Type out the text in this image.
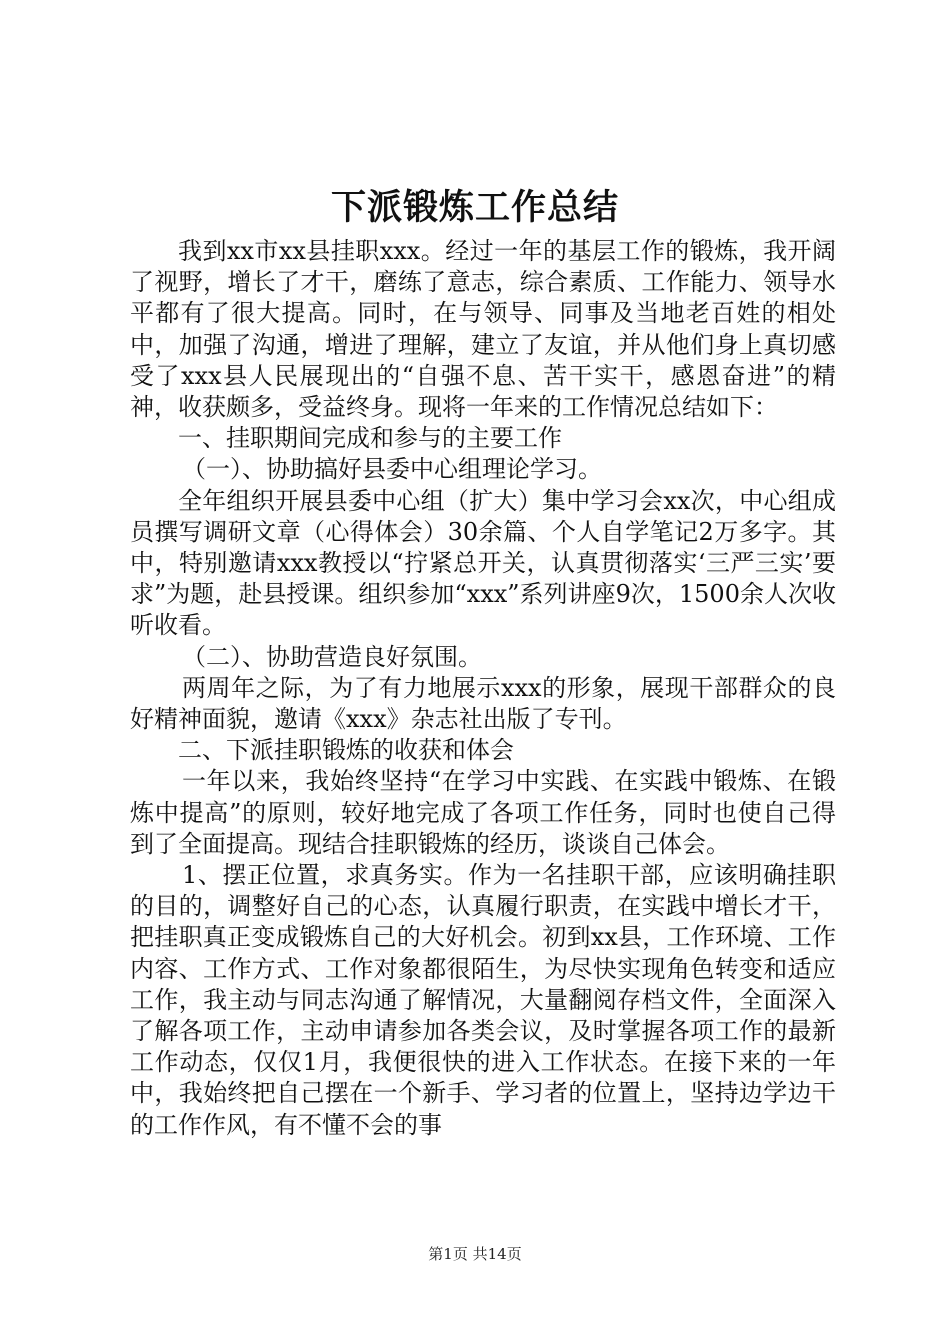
下派锻炼工作总结

我到xx市xx县挂职xxx。经过一年的基层工作的锻炼，我开阔了视野，增长了才干，磨练了意志，综合素质、工作能力、领导水平都有了很大提高。同时，在与领导、同事及当地老百姓的相处中，加强了沟通，增进了理解，建立了友谊，并从他们身上真切感受了xxx县人民展现出的“自强不息、苦干实干，感恩奋进”的精神，收获颇多，受益终身。现将一年来的工作情况总结如下：

一、挂职期间完成和参与的主要工作

（一）、协助搞好县委中心组理论学习。

全年组织开展县委中心组（扩大）集中学习会xx次，中心组成员撰写调研文章（心得体会）30余篇、个人自学笔记2万多字。其中，特别邀请xxx教授以“拧紧总开关，认真贯彻落实‘三严三实’要求”为题，赴县授课。组织参加“xxx”系列讲座9次，1500余人次收听收看。

（二）、协助营造良好氛围。

两周年之际，为了有力地展示xxx的形象，展现干部群众的良好精神面貌，邀请《xxx》杂志社出版了专刊。

二、下派挂职锻炼的收获和体会

一年以来，我始终坚持“在学习中实践、在实践中锻炼、在锻炼中提高”的原则，较好地完成了各项工作任务，同时也使自己得到了全面提高。现结合挂职锻炼的经历，谈谈自己体会。

1、摆正位置，求真务实。作为一名挂职干部，应该明确挂职的目的，调整好自己的心态，认真履行职责，在实践中增长才干，把挂职真正变成锻炼自己的大好机会。初到xx县，工作环境、工作内容、工作方式、工作对象都很陌生，为尽快实现角色转变和适应工作，我主动与同志沟通了解情况，大量翻阅存档文件，全面深入了解各项工作，主动申请参加各类会议，及时掌握各项工作的最新工作动态，仅仅1月，我便很快的进入工作状态。在接下来的一年中，我始终把自己摆在一个新手、学习者的位置上，坚持边学边干的工作作风，有不懂不会的事

第1页 共14页
